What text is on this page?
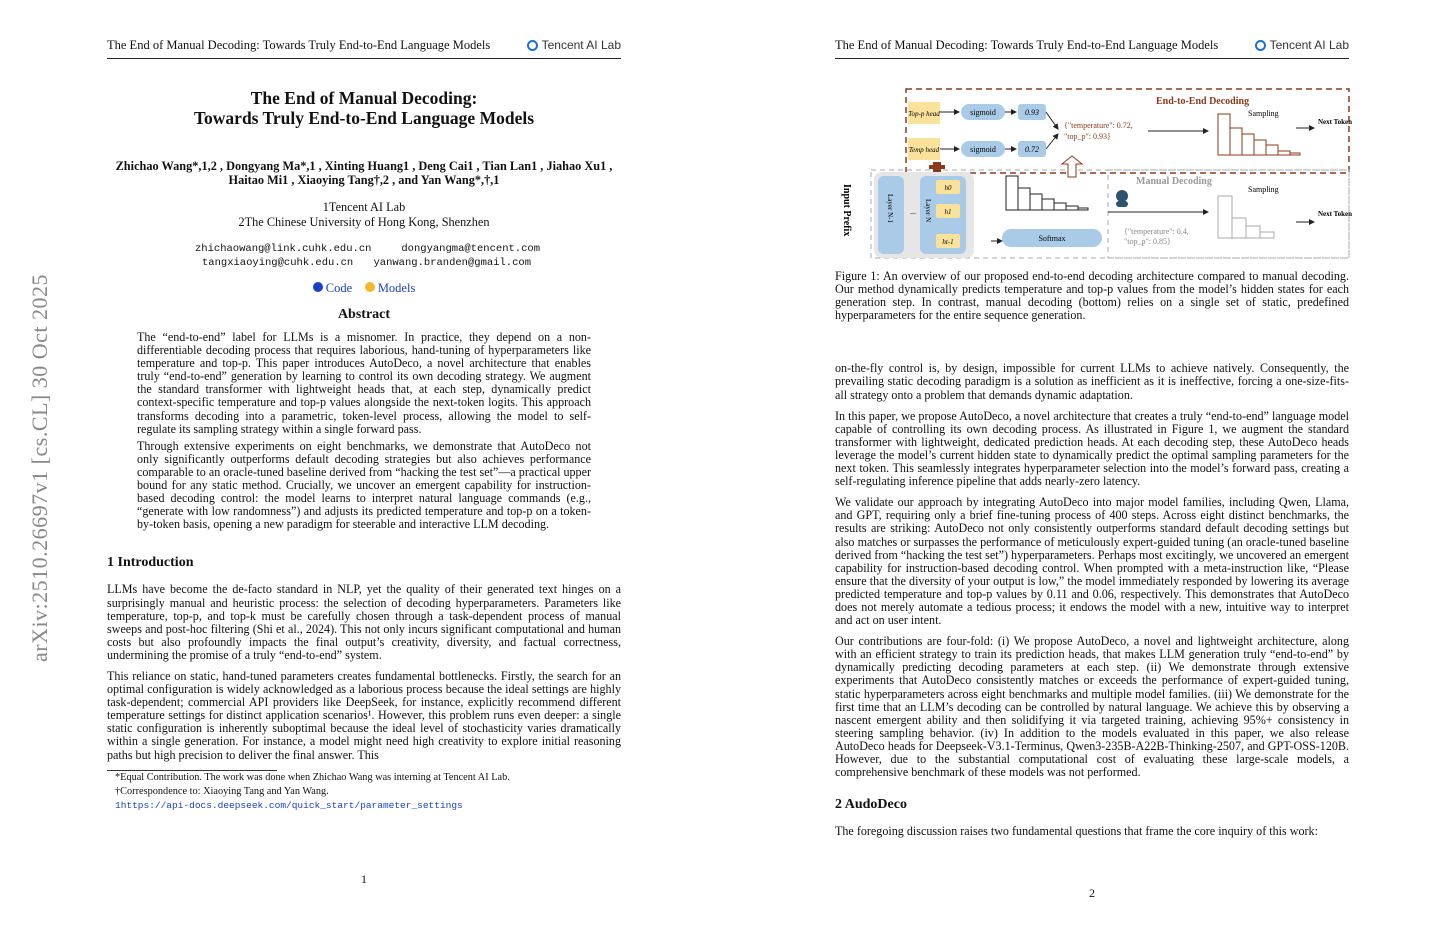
arXiv:2510.26697v1 [cs.CL] 30 Oct 2025
The End of Manual Decoding: Towards Truly End-to-End Language Models	Tencent AI Lab
The End of Manual Decoding:
Towards Truly End-to-End Language Models
Zhichao Wang*,1,2 , Dongyang Ma*,1 , Xinting Huang1 , Deng Cai1 , Tian Lan1 , Jiahao Xu1 ,
Haitao Mi1 , Xiaoying Tang†,2 , and Yan Wang*,†,1
1Tencent AI Lab
2The Chinese University of Hong Kong, Shenzhen
zhichaowang@link.cuhk.edu.cn	dongyangma@tencent.com
tangxiaoying@cuhk.edu.cn yanwang.branden@gmail.com
Code Models
Abstract

The “end-to-end” label for LLMs is a misnomer. In practice, they depend on a non-differentiable decoding process that requires laborious, hand-tuning of hyperparameters like temperature and top-p. This paper introduces AutoDeco, a novel architecture that enables truly “end-to-end” generation by learning to control its own decoding strategy. We augment the standard transformer with lightweight heads that, at each step, dynamically predict context-specific temperature and top-p values alongside the next-token logits. This approach transforms decoding into a parametric, token-level process, allowing the model to self-regulate its sampling strategy within a single forward pass.

Through extensive experiments on eight benchmarks, we demonstrate that AutoDeco not only significantly outperforms default decoding strategies but also achieves performance comparable to an oracle-tuned baseline derived from “hacking the test set”—a practical upper bound for any static method. Crucially, we uncover an emergent capability for instruction-based decoding control: the model learns to interpret natural language commands (e.g., “generate with low randomness”) and adjusts its predicted temperature and top-p on a token-by-token basis, opening a new paradigm for steerable and interactive LLM decoding.

1 Introduction

LLMs have become the de-facto standard in NLP, yet the quality of their generated text hinges on a surprisingly manual and heuristic process: the selection of decoding hyperparameters. Parameters like temperature, top-p, and top-k must be carefully chosen through a task-dependent process of manual sweeps and post-hoc filtering (Shi et al., 2024). This not only incurs significant computational and human costs but also profoundly impacts the final output’s creativity, diversity, and factual correctness, undermining the promise of a truly “end-to-end” system.

This reliance on static, hand-tuned parameters creates fundamental bottlenecks. Firstly, the search for an optimal configuration is widely acknowledged as a laborious process because the ideal settings are highly task-dependent; commercial API providers like DeepSeek, for instance, explicitly recommend different temperature settings for distinct application scenarios¹. However, this problem runs even deeper: a single static configuration is inherently suboptimal because the ideal level of stochasticity varies dramatically within a single generation. For instance, a model might need high creativity to explore initial reasoning paths but high precision to deliver the final answer. This

*Equal Contribution. The work was done when Zhichao Wang was interning at Tencent AI Lab.
†Correspondence to: Xiaoying Tang and Yan Wang.
1https://api-docs.deepseek.com/quick_start/parameter_settings
1
The End of Manual Decoding: Towards Truly End-to-End Language Models	Tencent AI Lab
End-to-End Decoding
Manual Decoding
Top-p head
Temp head
sigmoid
sigmoid
0.93
0.72
{"temperature": 0.72,
"top_p": 0.93}
Sampling
Next Token
Input Prefix	Layer N-1 ... Layer N
h0
h1
ht-1	Softmax
{"temperature": 0.4,
"top_p": 0.85}
Sampling
Next Token

Figure 1: An overview of our proposed end-to-end decoding architecture compared to manual decoding. Our method dynamically predicts temperature and top-p values from the model’s hidden states for each generation step. In contrast, manual decoding (bottom) relies on a single set of static, predefined hyperparameters for the entire sequence generation.

on-the-fly control is, by design, impossible for current LLMs to achieve natively. Consequently, the prevailing static decoding paradigm is a solution as inefficient as it is ineffective, forcing a one-size-fits-all strategy onto a problem that demands dynamic adaptation.

In this paper, we propose AutoDeco, a novel architecture that creates a truly “end-to-end” language model capable of controlling its own decoding process. As illustrated in Figure 1, we augment the standard transformer with lightweight, dedicated prediction heads. At each decoding step, these AutoDeco heads leverage the model’s current hidden state to dynamically predict the optimal sampling parameters for the next token. This seamlessly integrates hyperparameter selection into the model’s forward pass, creating a self-regulating inference pipeline that adds nearly-zero latency.

We validate our approach by integrating AutoDeco into major model families, including Qwen, Llama, and GPT, requiring only a brief fine-tuning process of 400 steps. Across eight distinct benchmarks, the results are striking: AutoDeco not only consistently outperforms standard default decoding settings but also matches or surpasses the performance of meticulously expert-guided tuning (an oracle-tuned baseline derived from “hacking the test set”) hyperparameters. Perhaps most excitingly, we uncovered an emergent capability for instruction-based decoding control. When prompted with a meta-instruction like, “Please ensure that the diversity of your output is low,” the model immediately responded by lowering its average predicted temperature and top-p values by 0.11 and 0.06, respectively. This demonstrates that AutoDeco does not merely automate a tedious process; it endows the model with a new, intuitive way to interpret and act on user intent.

Our contributions are four-fold: (i) We propose AutoDeco, a novel and lightweight architecture, along with an efficient strategy to train its prediction heads, that makes LLM generation truly “end-to-end” by dynamically predicting decoding parameters at each step. (ii) We demonstrate through extensive experiments that AutoDeco consistently matches or exceeds the performance of expert-guided tuning, static hyperparameters across eight benchmarks and multiple model families. (iii) We demonstrate for the first time that an LLM’s decoding can be controlled by natural language. We achieve this by observing a nascent emergent ability and then solidifying it via targeted training, achieving 95%+ consistency in steering sampling behavior. (iv) In addition to the models evaluated in this paper, we also release AutoDeco heads for Deepseek-V3.1-Terminus, Qwen3-235B-A22B-Thinking-2507, and GPT-OSS-120B. However, due to the substantial computational cost of evaluating these large-scale models, a comprehensive benchmark of these models was not performed.

2 AudoDeco

The foregoing discussion raises two fundamental questions that frame the core inquiry of this work:

2
